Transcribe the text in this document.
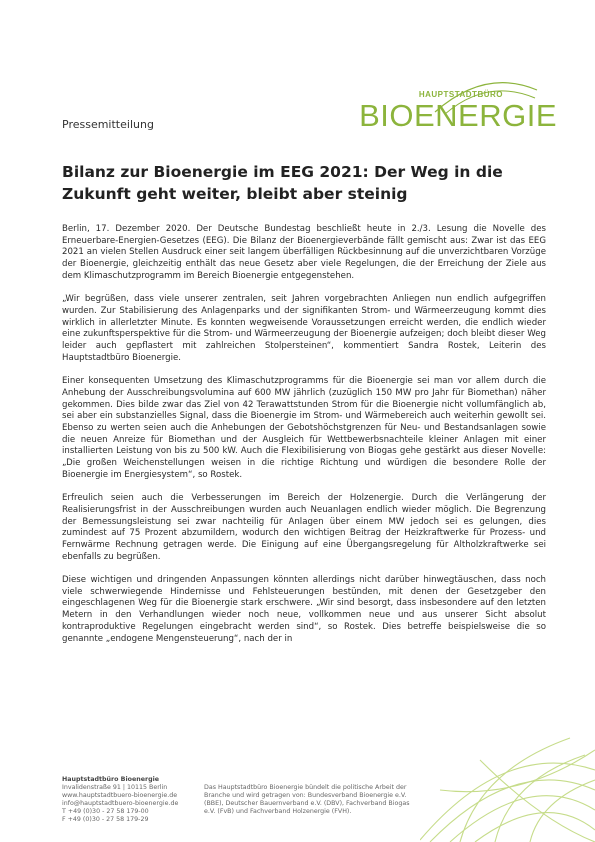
HAUPTSTADTBÜRO
BIOENERGIE
Pressemitteilung
Bilanz zur Bioenergie im EEG 2021: Der Weg in die Zukunft geht weiter, bleibt aber steinig

Berlin, 17. Dezember 2020. Der Deutsche Bundestag beschließt heute in 2./3. Lesung die Novelle des Erneuerbare-Energien-Gesetzes (EEG). Die Bilanz der Bioenergieverbände fällt gemischt aus: Zwar ist das EEG 2021 an vielen Stellen Ausdruck einer seit langem überfälligen Rückbesinnung auf die unverzichtbaren Vorzüge der Bioenergie, gleichzeitig enthält das neue Gesetz aber viele Regelungen, die der Erreichung der Ziele aus dem Klimaschutzprogramm im Bereich Bioenergie entgegenstehen.

„Wir begrüßen, dass viele unserer zentralen, seit Jahren vorgebrachten Anliegen nun endlich aufgegriffen wurden. Zur Stabilisierung des Anlagenparks und der signifikanten Strom- und Wärmeerzeugung kommt dies wirklich in allerletzter Minute. Es konnten wegweisende Voraussetzungen erreicht werden, die endlich wieder eine zukunftsperspektive für die Strom- und Wärmeerzeugung der Bioenergie aufzeigen; doch bleibt dieser Weg leider auch gepflastert mit zahlreichen Stolpersteinen“, kommentiert Sandra Rostek, Leiterin des Hauptstadtbüro Bioenergie.

Einer konsequenten Umsetzung des Klimaschutzprogramms für die Bioenergie sei man vor allem durch die Anhebung der Ausschreibungsvolumina auf 600 MW jährlich (zuzüglich 150 MW pro Jahr für Biomethan) näher gekommen. Dies bilde zwar das Ziel von 42 Terawattstunden Strom für die Bioenergie nicht vollumfänglich ab, sei aber ein substanzielles Signal, dass die Bioenergie im Strom- und Wärmebereich auch weiterhin gewollt sei. Ebenso zu werten seien auch die Anhebungen der Gebotshöchstgrenzen für Neu- und Bestandsanlagen sowie die neuen Anreize für Biomethan und der Ausgleich für Wettbewerbsnachteile kleiner Anlagen mit einer installierten Leistung von bis zu 500 kW. Auch die Flexibilisierung von Biogas gehe gestärkt aus dieser Novelle: „Die großen Weichenstellungen weisen in die richtige Richtung und würdigen die besondere Rolle der Bioenergie im Energiesystem“, so Rostek.

Erfreulich seien auch die Verbesserungen im Bereich der Holzenergie. Durch die Verlängerung der Realisierungsfrist in der Ausschreibungen wurden auch Neuanlagen endlich wieder möglich. Die Begrenzung der Bemessungsleistung sei zwar nachteilig für Anlagen über einem MW jedoch sei es gelungen, dies zumindest auf 75 Prozent abzumildern, wodurch den wichtigen Beitrag der Heizkraftwerke für Prozess- und Fernwärme Rechnung getragen werde. Die Einigung auf eine Übergangsregelung für Altholzkraftwerke sei ebenfalls zu begrüßen.

Diese wichtigen und dringenden Anpassungen könnten allerdings nicht darüber hinwegtäuschen, dass noch viele schwerwiegende Hindernisse und Fehlsteuerungen bestünden, mit denen der Gesetzgeber den eingeschlagenen Weg für die Bioenergie stark erschwere. „Wir sind besorgt, dass insbesondere auf den letzten Metern in den Verhandlungen wieder noch neue, vollkommen neue und aus unserer Sicht absolut kontraproduktive Regelungen eingebracht werden sind“, so Rostek. Dies betreffe beispielsweise die so genannte „endogene Mengensteuerung“, nach der in

Hauptstadtbüro Bioenergie
Invalidenstraße 91 | 10115 Berlin
www.hauptstadtbuero-bioenergie.de
info@hauptstadtbuero-bioenergie.de
T +49 (0)30 - 27 58 179-00
F +49 (0)30 - 27 58 179-29
Das Hauptstadtbüro Bioenergie bündelt die politische Arbeit der Branche und wird getragen von: Bundesverband Bioenergie e.V. (BBE), Deutscher Bauernverband e.V. (DBV), Fachverband Biogas e.V. (FvB) und Fachverband Holzenergie (FVH).
